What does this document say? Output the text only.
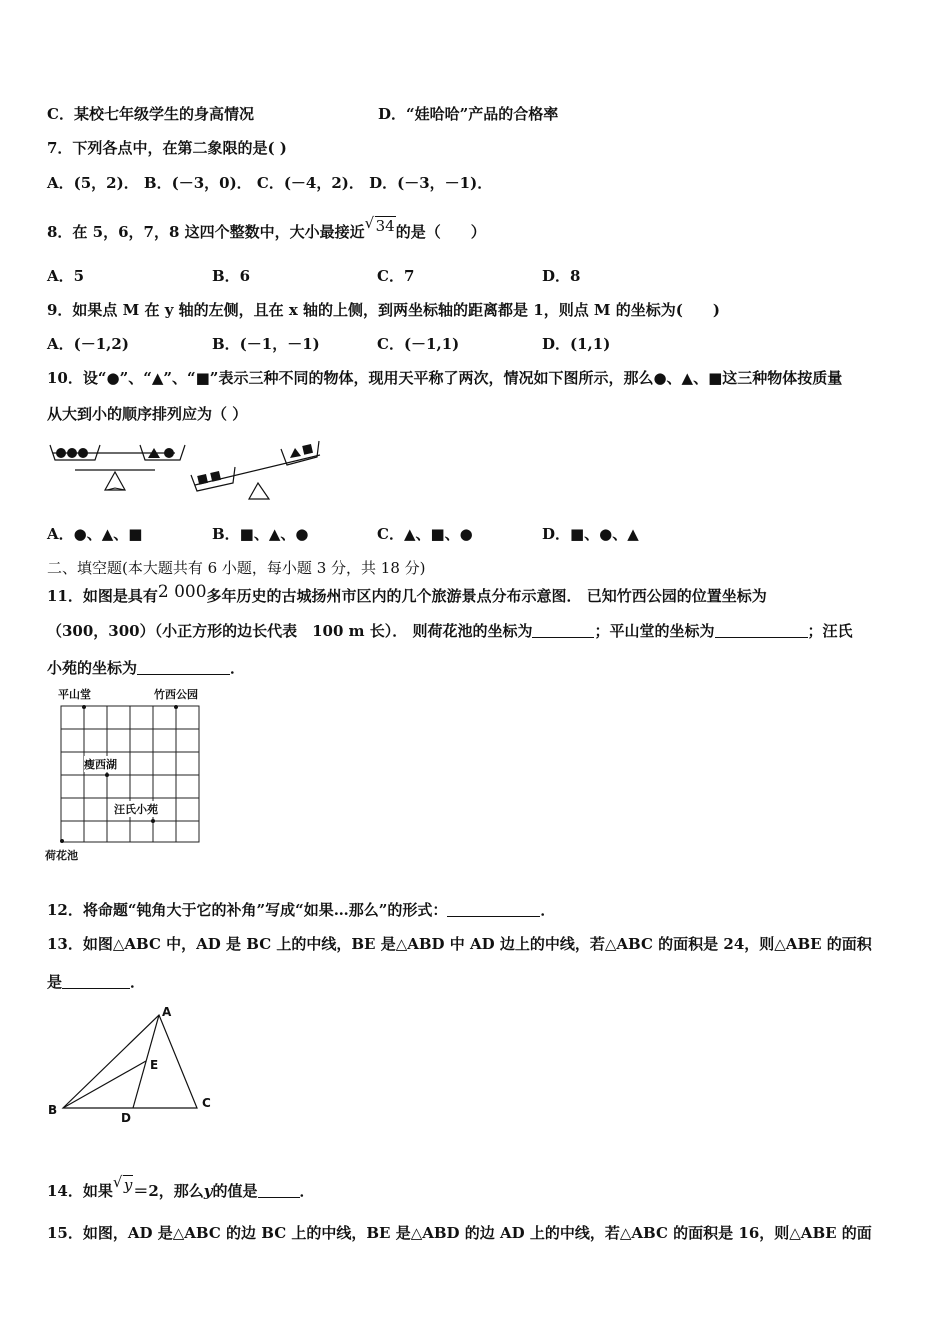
C．某校七年级学生的身高情况	D．“娃哈哈”产品的合格率
7．下列各点中，在第二象限的是( )
A．(5，2)． B．(－3，0)． C．(－4，2)． D．(－3，－1)．
8．在 5，6，7，8 这四个整数中，大小最接近 √ 34的是（　　）
A．5	B．6	C．7	D．8
9．如果点 M 在 y 轴的左侧，且在 x 轴的上侧，到两坐标轴的距离都是 1，则点 M 的坐标为(　　)
A．(－1,2)	B．(－1，－1)	C．(－1,1)	D．(1,1)
10．设“●”、“▲”、“■”表示三种不同的物体，现用天平称了两次，情况如下图所示，那么●、▲、■这三种物体按质量
从大到小的顺序排列应为（ ）
A．●、▲、■	B．■、▲、●	C．▲、■、●	D．■、●、▲
二、填空题(本大题共有 6 小题，每小题 3 分，共 18 分)
11．如图是具有2 000多年历史的古城扬州市区内的几个旅游景点分布示意图． 已知竹西公园的位置坐标为
（300，300）（小正方形的边长代表　100 m 长）． 则荷花池的坐标为	；平山堂的坐标为	；汪氏
小苑的坐标为	．
平山堂	竹西公园
瘦西湖
汪氏小苑
荷花池
12．将命题“钝角大于它的补角”写成“如果…那么”的形式：	．
13．如图△ABC 中，AD 是 BC 上的中线，BE 是△ABD 中 AD 边上的中线，若△ABC 的面积是 24，则△ABE 的面积
是	．
A
B	C
D
E
14．如果 √ y＝2，那么y的值是	．
15．如图，AD 是△ABC 的边 BC 上的中线，BE 是△ABD 的边 AD 上的中线，若△ABC 的面积是 16，则△ABE 的面
